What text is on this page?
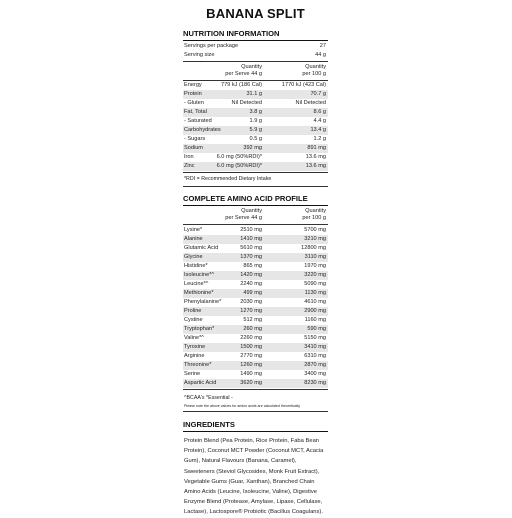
BANANA SPLIT
NUTRITION INFORMATION
Servings per package	27
Serving size	44 g
Quantity
per Serve 44 g
Quantity
per 100 g
Energy	779 kJ (186 Cal)	1770 kJ (423 Cal)
Protein	31.1 g	70.7 g
- Gluten	Nil Detected	Nil Detected
Fat, Total	3.8 g	8.6 g
- Saturated	1.9 g	4.4 g
Carbohydrates	5.9 g	13.4 g
- Sugars	0.5 g	1.2 g
Sodium	392 mg	891 mg
Iron	6.0 mg (50%RDI)*	13.6 mg
Zinc	6.0 mg (50%RDI)*	13.6 mg
*RDI = Recommended Dietary Intake
COMPLETE AMINO ACID PROFILE
Quantity
per Serve 44 g
Quantity
per 100 g
Lysine*	2510 mg	5700 mg
Alanine	1410 mg	3210 mg
Glutamic Acid	5610 mg	12800 mg
Glycine	1370 mg	3110 mg
Histidine*	865 mg	1970 mg
Isoleucine*^	1420 mg	3220 mg
Leucine*^	2240 mg	5090 mg
Methionine*	499 mg	1130 mg
Phenylalanine*	2030 mg	4610 mg
Proline	1270 mg	2900 mg
Cystine	512 mg	1160 mg
Tryptophan*	260 mg	590 mg
Valine*^	2260 mg	5150 mg
Tyrosine	1500 mg	3410 mg
Arginine	2770 mg	6310 mg
Threonine*	1260 mg	2870 mg
Serine	1490 mg	3400 mg
Aspartic Acid	3620 mg	8230 mg
^BCAA's *Essential -
Please note the above values for amino acids are calculated theoretically
INGREDIENTS
Protein Blend (Pea Protein, Rice Protein, Faba Bean Protein), Coconut MCT Powder (Coconut MCT, Acacia Gum), Natural Flavours (Banana, Caramel), Sweeteners (Steviol Glycosides, Monk Fruit Extract), Vegetable Gums (Guar, Xanthan), Branched Chain Amino Acids (Leucine, Isoleucine, Valine), Digestive Enzyme Blend (Protease, Amylase, Lipase, Cellulase, Lactase), Lactospore® Probiotic (Bacillus Coagulans).
